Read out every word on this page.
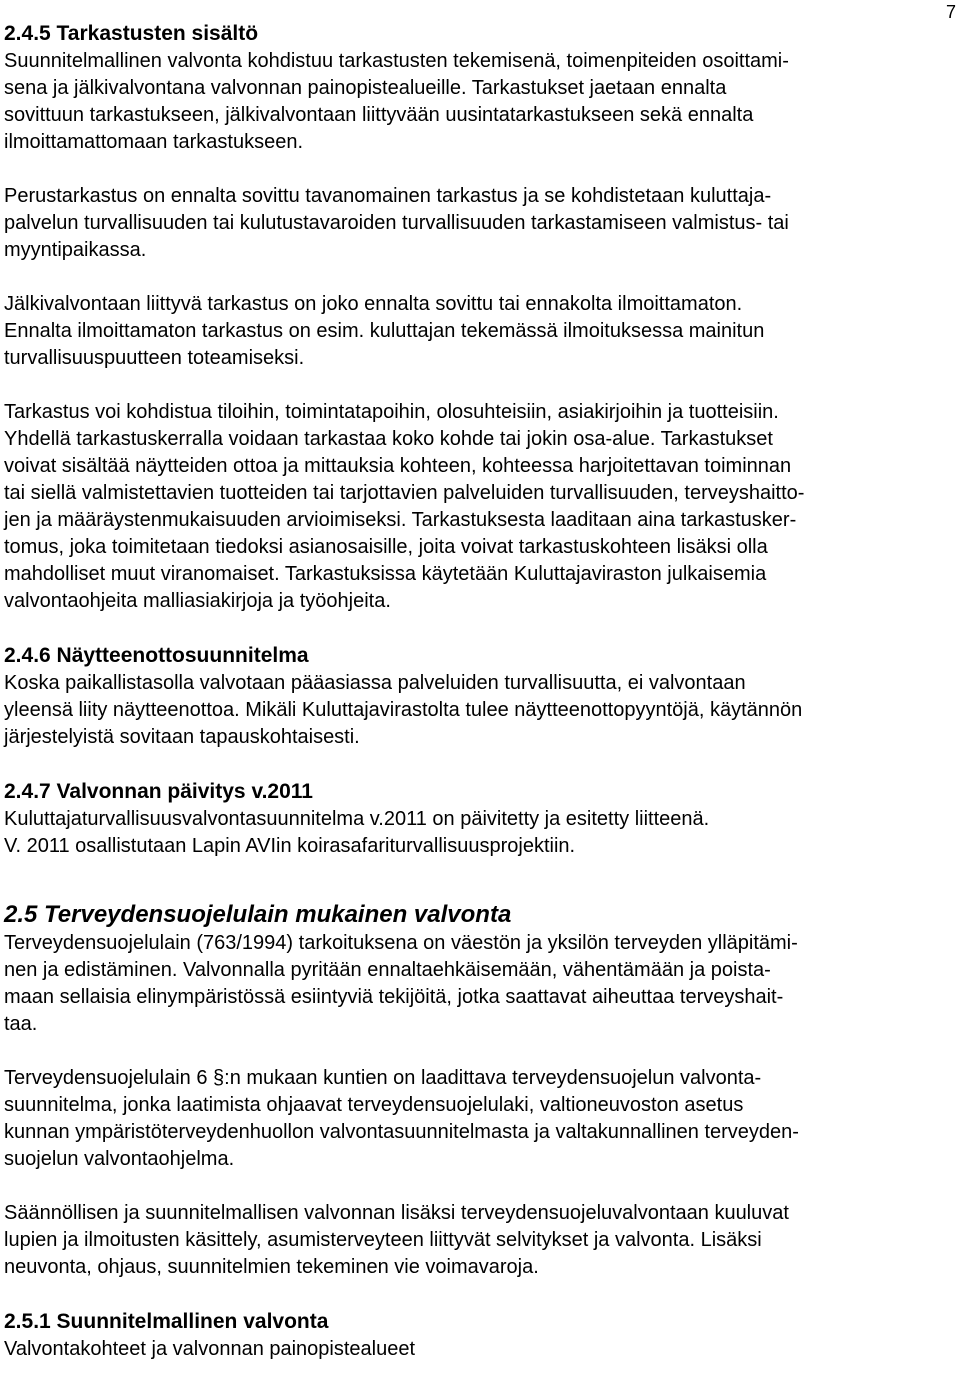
7
2.4.5 Tarkastusten sisältö
Suunnitelmallinen valvonta kohdistuu tarkastusten tekemisenä, toimenpiteiden osoittami-
sena ja jälkivalvontana valvonnan painopistealueille. Tarkastukset jaetaan ennalta
sovittuun tarkastukseen, jälkivalvontaan liittyvään uusintatarkastukseen sekä ennalta
ilmoittamattomaan tarkastukseen.
Perustarkastus on ennalta sovittu tavanomainen tarkastus ja se kohdistetaan kuluttaja-
palvelun turvallisuuden tai kulutustavaroiden turvallisuuden tarkastamiseen valmistus- tai
myyntipaikassa.
Jälkivalvontaan liittyvä tarkastus on joko ennalta sovittu tai ennakolta ilmoittamaton.
Ennalta ilmoittamaton tarkastus on esim. kuluttajan tekemässä ilmoituksessa mainitun
turvallisuuspuutteen toteamiseksi.
Tarkastus voi kohdistua tiloihin, toimintatapoihin, olosuhteisiin, asiakirjoihin ja tuotteisiin.
Yhdellä tarkastuskerralla voidaan tarkastaa koko kohde tai jokin osa-alue. Tarkastukset
voivat sisältää näytteiden ottoa ja mittauksia kohteen, kohteessa harjoitettavan toiminnan
tai siellä valmistettavien tuotteiden tai tarjottavien palveluiden turvallisuuden, terveyshaitto-
jen ja määräystenmukaisuuden arvioimiseksi. Tarkastuksesta laaditaan aina tarkastusker-
tomus, joka toimitetaan tiedoksi asianosaisille, joita voivat tarkastuskohteen lisäksi olla
mahdolliset muut viranomaiset. Tarkastuksissa käytetään Kuluttajaviraston julkaisemia
valvontaohjeita malliasiakirjoja ja työohjeita.
2.4.6 Näytteenottosuunnitelma
Koska paikallistasolla valvotaan pääasiassa palveluiden turvallisuutta, ei valvontaan
yleensä liity näytteenottoa. Mikäli Kuluttajavirastolta tulee näytteenottopyyntöjä, käytännön
järjestelyistä sovitaan tapauskohtaisesti.
2.4.7 Valvonnan päivitys v.2011
Kuluttajaturvallisuusvalvontasuunnitelma v.2011 on päivitetty ja esitetty liitteenä.
V. 2011 osallistutaan Lapin AVIin koirasafariturvallisuusprojektiin.
2.5 Terveydensuojelulain mukainen valvonta
Terveydensuojelulain (763/1994) tarkoituksena on väestön ja yksilön terveyden ylläpitämi-
nen ja edistäminen. Valvonnalla pyritään ennaltaehkäisemään, vähentämään ja poista-
maan sellaisia elinympäristössä esiintyviä tekijöitä, jotka saattavat aiheuttaa terveyshait-
taa.
Terveydensuojelulain 6 §:n mukaan kuntien on laadittava terveydensuojelun valvonta-
suunnitelma, jonka laatimista ohjaavat terveydensuojelulaki, valtioneuvoston asetus
kunnan ympäristöterveydenhuollon valvontasuunnitelmasta ja valtakunnallinen terveyden-
suojelun valvontaohjelma.
Säännöllisen ja suunnitelmallisen valvonnan lisäksi terveydensuojeluvalvontaan kuuluvat
lupien ja ilmoitusten käsittely, asumisterveyteen liittyvät selvitykset ja valvonta. Lisäksi
neuvonta, ohjaus, suunnitelmien tekeminen vie voimavaroja.
2.5.1 Suunnitelmallinen valvonta
Valvontakohteet ja valvonnan painopistealueet
